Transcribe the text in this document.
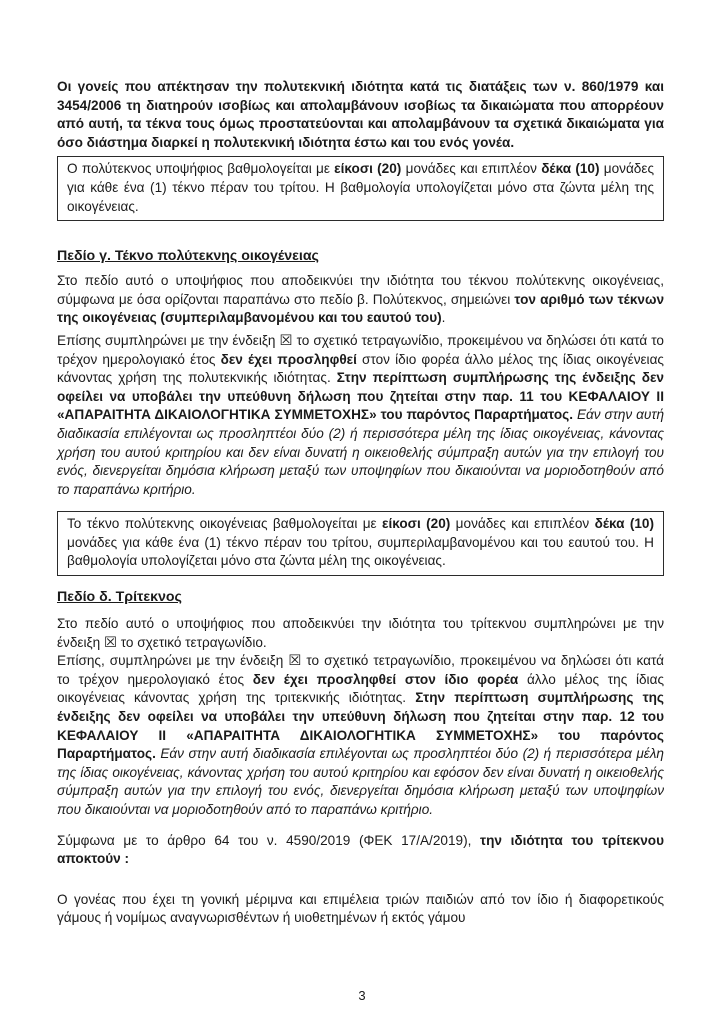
Οι γονείς που απέκτησαν την πολυτεκνική ιδιότητα κατά τις διατάξεις των ν. 860/1979 και 3454/2006 τη διατηρούν ισοβίως και απολαμβάνουν ισοβίως τα δικαιώματα που απορρέουν από αυτή, τα τέκνα τους όμως προστατεύονται και απολαμβάνουν τα σχετικά δικαιώματα για όσο διάστημα διαρκεί η πολυτεκνική ιδιότητα έστω και του ενός γονέα.

Ο πολύτεκνος υποψήφιος βαθμολογείται με είκοσι (20) μονάδες και επιπλέον δέκα (10) μονάδες για κάθε ένα (1) τέκνο πέραν του τρίτου. Η βαθμολογία υπολογίζεται μόνο στα ζώντα μέλη της οικογένειας.

Πεδίο γ. Τέκνο πολύτεκνης οικογένειας

Στο πεδίο αυτό ο υποψήφιος που αποδεικνύει την ιδιότητα του τέκνου πολύτεκνης οικογένειας, σύμφωνα με όσα ορίζονται παραπάνω στο πεδίο β. Πολύτεκνος, σημειώνει τον αριθμό των τέκνων της οικογένειας (συμπεριλαμβανομένου και του εαυτού του).

Επίσης συμπληρώνει με την ένδειξη ☒ το σχετικό τετραγωνίδιο, προκειμένου να δηλώσει ότι κατά το τρέχον ημερολογιακό έτος δεν έχει προσληφθεί στον ίδιο φορέα άλλο μέλος της ίδιας οικογένειας κάνοντας χρήση της πολυτεκνικής ιδιότητας. Στην περίπτωση συμπλήρωσης της ένδειξης δεν οφείλει να υποβάλει την υπεύθυνη δήλωση που ζητείται στην παρ. 11 του ΚΕΦΑΛΑΙΟΥ ΙΙ «ΑΠΑΡΑΙΤΗΤΑ ΔΙΚΑΙΟΛΟΓΗΤΙΚΑ ΣΥΜΜΕΤΟΧΗΣ» του παρόντος Παραρτήματος. Εάν στην αυτή διαδικασία επιλέγονται ως προσληπτέοι δύο (2) ή περισσότερα μέλη της ίδιας οικογένειας, κάνοντας χρήση του αυτού κριτηρίου και δεν είναι δυνατή η οικειοθελής σύμπραξη αυτών για την επιλογή του ενός, διενεργείται δημόσια κλήρωση μεταξύ των υποψηφίων που δικαιούνται να μοριοδοτηθούν από το παραπάνω κριτήριο.

Το τέκνο πολύτεκνης οικογένειας βαθμολογείται με είκοσι (20) μονάδες και επιπλέον δέκα (10) μονάδες για κάθε ένα (1) τέκνο πέραν του τρίτου, συμπεριλαμβανομένου και του εαυτού του. Η βαθμολογία υπολογίζεται μόνο στα ζώντα μέλη της οικογένειας.

Πεδίο δ. Τρίτεκνος

Στο πεδίο αυτό ο υποψήφιος που αποδεικνύει την ιδιότητα του τρίτεκνου συμπληρώνει με την ένδειξη ☒ το σχετικό τετραγωνίδιο.

Επίσης, συμπληρώνει με την ένδειξη ☒ το σχετικό τετραγωνίδιο, προκειμένου να δηλώσει ότι κατά το τρέχον ημερολογιακό έτος δεν έχει προσληφθεί στον ίδιο φορέα άλλο μέλος της ίδιας οικογένειας κάνοντας χρήση της τριτεκνικής ιδιότητας. Στην περίπτωση συμπλήρωσης της ένδειξης δεν οφείλει να υποβάλει την υπεύθυνη δήλωση που ζητείται στην παρ. 12 του ΚΕΦΑΛΑΙΟΥ ΙΙ «ΑΠΑΡΑΙΤΗΤΑ ΔΙΚΑΙΟΛΟΓΗΤΙΚΑ ΣΥΜΜΕΤΟΧΗΣ» του παρόντος Παραρτήματος. Εάν στην αυτή διαδικασία επιλέγονται ως προσληπτέοι δύο (2) ή περισσότερα μέλη της ίδιας οικογένειας, κάνοντας χρήση του αυτού κριτηρίου και εφόσον δεν είναι δυνατή η οικειοθελής σύμπραξη αυτών για την επιλογή του ενός, διενεργείται δημόσια κλήρωση μεταξύ των υποψηφίων που δικαιούνται να μοριοδοτηθούν από το παραπάνω κριτήριο.

Σύμφωνα με το άρθρο 64 του ν. 4590/2019 (ΦΕΚ 17/Α/2019), την ιδιότητα του τρίτεκνου αποκτούν :

Ο γονέας που έχει τη γονική μέριμνα και επιμέλεια τριών παιδιών από τον ίδιο ή διαφορετικούς γάμους ή νομίμως αναγνωρισθέντων ή υιοθετημένων ή εκτός γάμου

3
